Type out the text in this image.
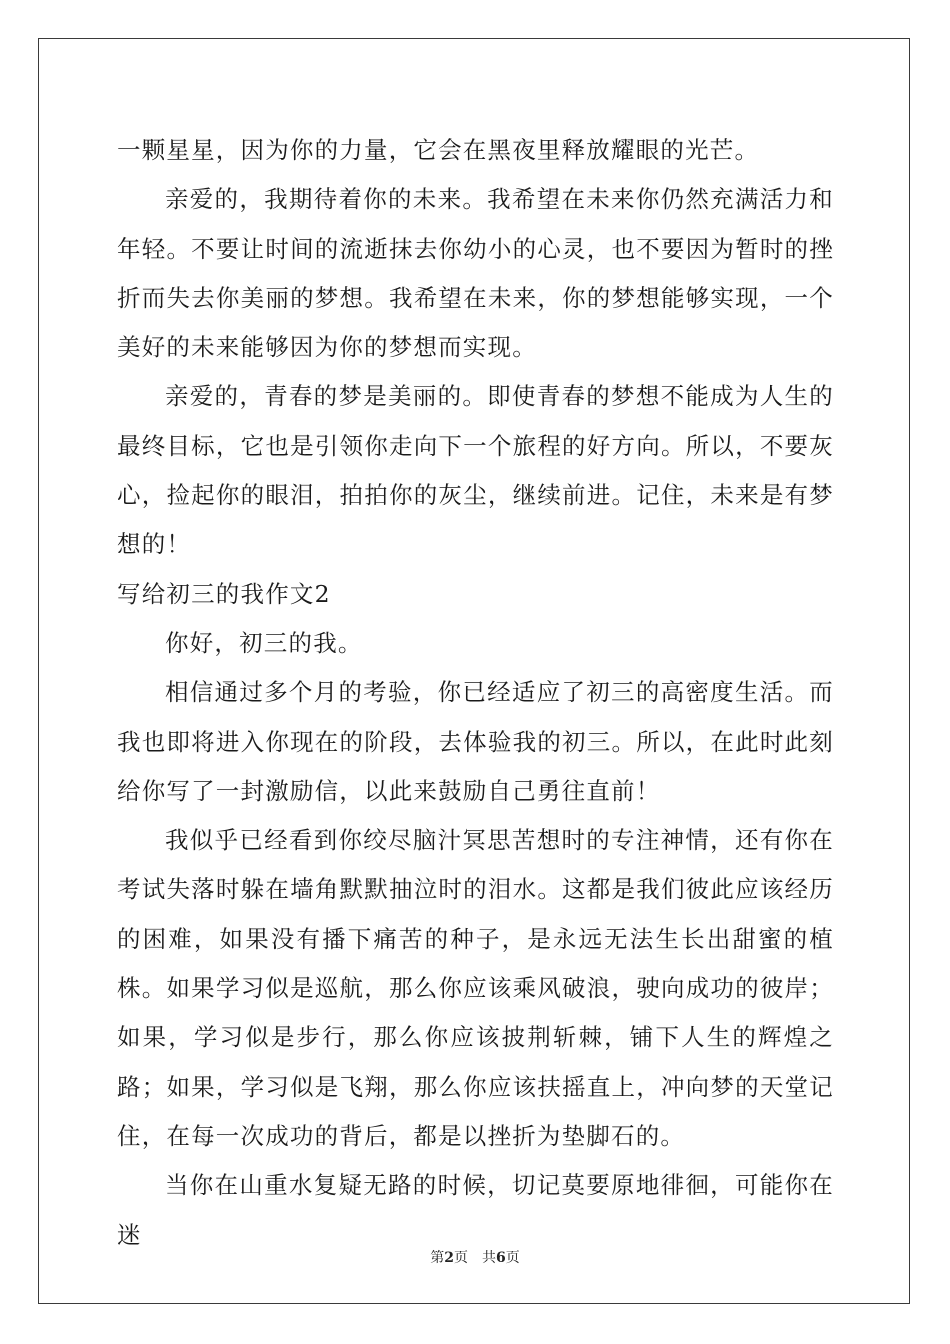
一颗星星，因为你的力量，它会在黑夜里释放耀眼的光芒。

亲爱的，我期待着你的未来。我希望在未来你仍然充满活力和年轻。不要让时间的流逝抹去你幼小的心灵，也不要因为暂时的挫折而失去你美丽的梦想。我希望在未来，你的梦想能够实现，一个美好的未来能够因为你的梦想而实现。

亲爱的，青春的梦是美丽的。即使青春的梦想不能成为人生的最终目标，它也是引领你走向下一个旅程的好方向。所以，不要灰心，捡起你的眼泪，拍拍你的灰尘，继续前进。记住，未来是有梦想的！

写给初三的我作文2

你好，初三的我。

相信通过多个月的考验，你已经适应了初三的高密度生活。而我也即将进入你现在的阶段，去体验我的初三。所以，在此时此刻给你写了一封激励信，以此来鼓励自己勇往直前！

我似乎已经看到你绞尽脑汁冥思苦想时的专注神情，还有你在考试失落时躲在墙角默默抽泣时的泪水。这都是我们彼此应该经历的困难，如果没有播下痛苦的种子，是永远无法生长出甜蜜的植株。如果学习似是巡航，那么你应该乘风破浪，驶向成功的彼岸；如果，学习似是步行，那么你应该披荆斩棘，铺下人生的辉煌之路；如果，学习似是飞翔，那么你应该扶摇直上，冲向梦的天堂记住，在每一次成功的背后，都是以挫折为垫脚石的。

当你在山重水复疑无路的时候，切记莫要原地徘徊，可能你在迷

第2页　共6页
